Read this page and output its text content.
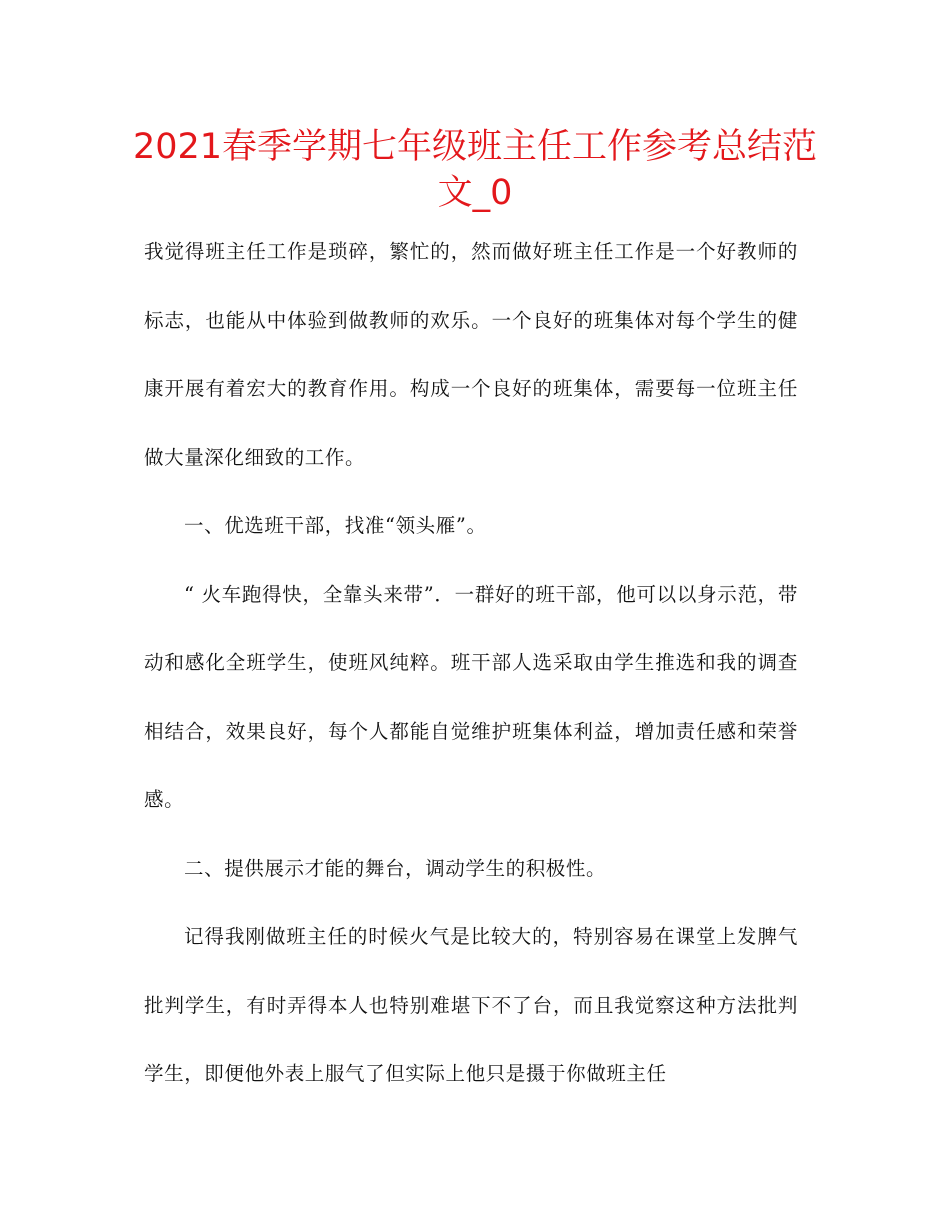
2021春季学期七年级班主任工作参考总结范文_0

我觉得班主任工作是琐碎，繁忙的，然而做好班主任工作是一个好教师的标志，也能从中体验到做教师的欢乐。一个良好的班集体对每个学生的健康开展有着宏大的教育作用。构成一个良好的班集体，需要每一位班主任做大量深化细致的工作。

一、优选班干部，找准“领头雁”。

“ 火车跑得快，全靠头来带”．一群好的班干部，他可以以身示范，带动和感化全班学生，使班风纯粹。班干部人选采取由学生推选和我的调查相结合，效果良好，每个人都能自觉维护班集体利益，增加责任感和荣誉感。

二、提供展示才能的舞台，调动学生的积极性。

记得我刚做班主任的时候火气是比较大的，特别容易在课堂上发脾气批判学生，有时弄得本人也特别难堪下不了台，而且我觉察这种方法批判学生，即便他外表上服气了但实际上他只是摄于你做班主任
